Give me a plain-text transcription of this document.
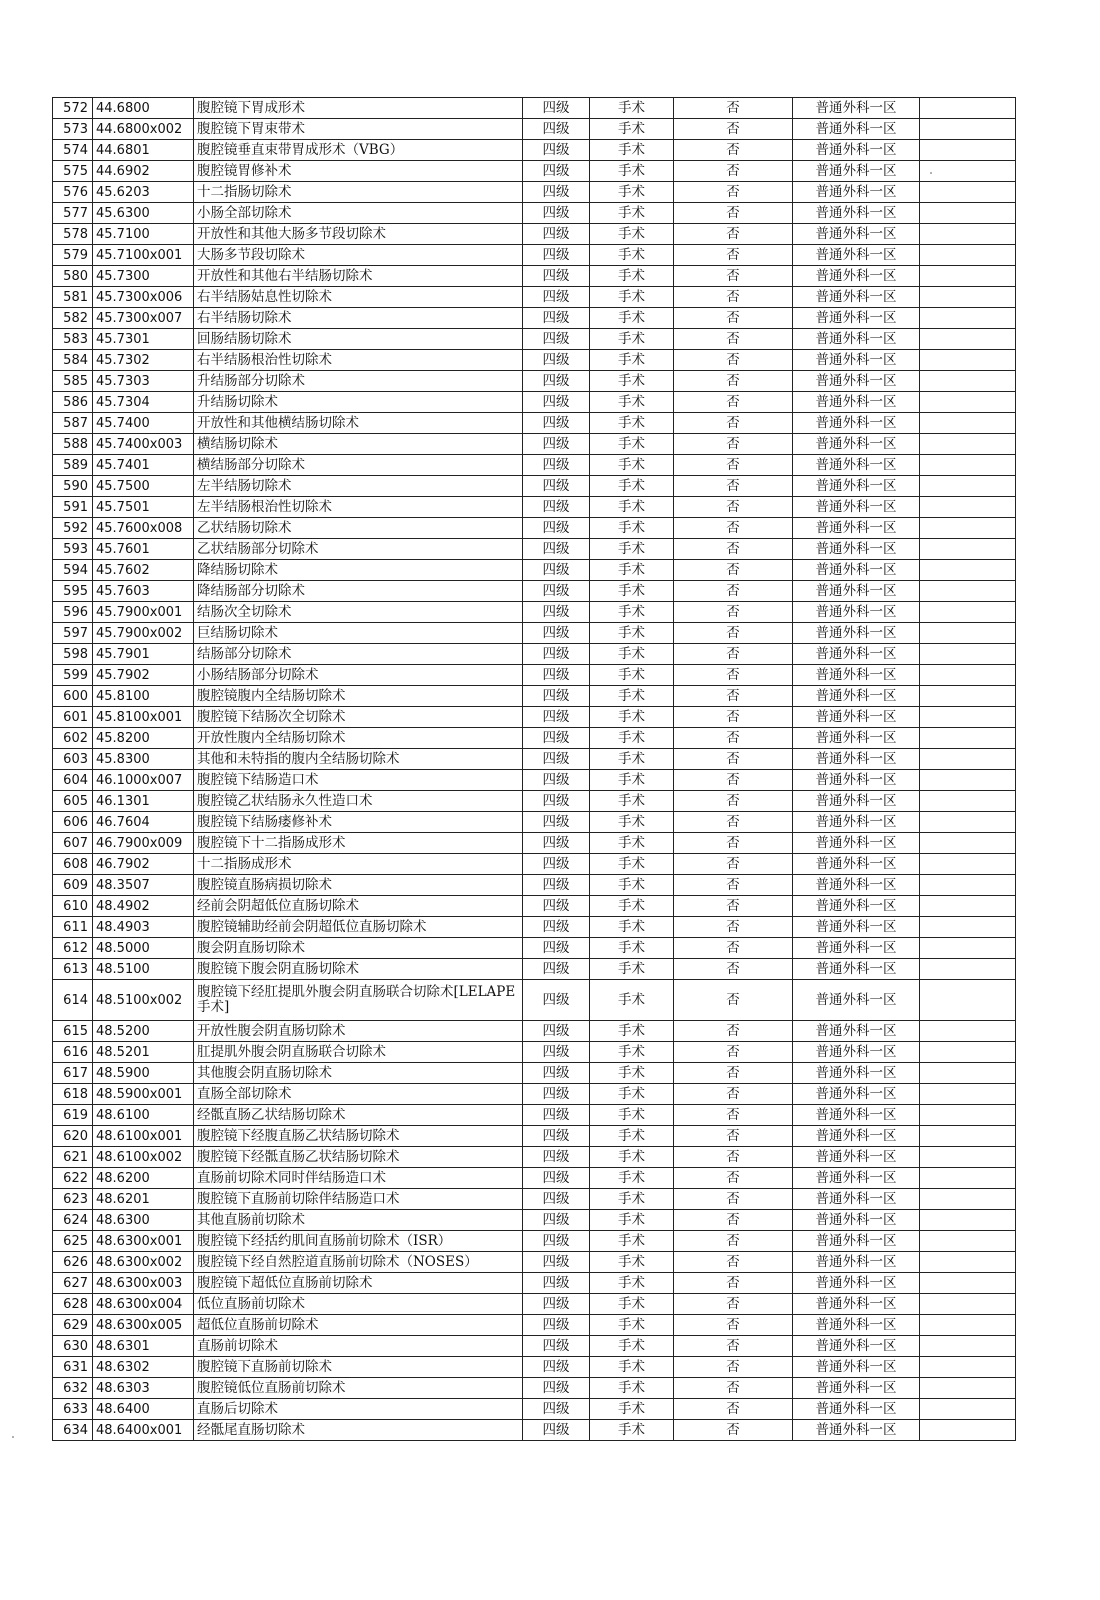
572	44.6800	腹腔镜下胃成形术	四级	手术	否	普通外科一区	
573	44.6800x002	腹腔镜下胃束带术	四级	手术	否	普通外科一区	
574	44.6801	腹腔镜垂直束带胃成形术（VBG）	四级	手术	否	普通外科一区	
575	44.6902	腹腔镜胃修补术	四级	手术	否	普通外科一区	
576	45.6203	十二指肠切除术	四级	手术	否	普通外科一区	
577	45.6300	小肠全部切除术	四级	手术	否	普通外科一区	
578	45.7100	开放性和其他大肠多节段切除术	四级	手术	否	普通外科一区	
579	45.7100x001	大肠多节段切除术	四级	手术	否	普通外科一区	
580	45.7300	开放性和其他右半结肠切除术	四级	手术	否	普通外科一区	
581	45.7300x006	右半结肠姑息性切除术	四级	手术	否	普通外科一区	
582	45.7300x007	右半结肠切除术	四级	手术	否	普通外科一区	
583	45.7301	回肠结肠切除术	四级	手术	否	普通外科一区	
584	45.7302	右半结肠根治性切除术	四级	手术	否	普通外科一区	
585	45.7303	升结肠部分切除术	四级	手术	否	普通外科一区	
586	45.7304	升结肠切除术	四级	手术	否	普通外科一区	
587	45.7400	开放性和其他横结肠切除术	四级	手术	否	普通外科一区	
588	45.7400x003	横结肠切除术	四级	手术	否	普通外科一区	
589	45.7401	横结肠部分切除术	四级	手术	否	普通外科一区	
590	45.7500	左半结肠切除术	四级	手术	否	普通外科一区	
591	45.7501	左半结肠根治性切除术	四级	手术	否	普通外科一区	
592	45.7600x008	乙状结肠切除术	四级	手术	否	普通外科一区	
593	45.7601	乙状结肠部分切除术	四级	手术	否	普通外科一区	
594	45.7602	降结肠切除术	四级	手术	否	普通外科一区	
595	45.7603	降结肠部分切除术	四级	手术	否	普通外科一区	
596	45.7900x001	结肠次全切除术	四级	手术	否	普通外科一区	
597	45.7900x002	巨结肠切除术	四级	手术	否	普通外科一区	
598	45.7901	结肠部分切除术	四级	手术	否	普通外科一区	
599	45.7902	小肠结肠部分切除术	四级	手术	否	普通外科一区	
600	45.8100	腹腔镜腹内全结肠切除术	四级	手术	否	普通外科一区	
601	45.8100x001	腹腔镜下结肠次全切除术	四级	手术	否	普通外科一区	
602	45.8200	开放性腹内全结肠切除术	四级	手术	否	普通外科一区	
603	45.8300	其他和未特指的腹内全结肠切除术	四级	手术	否	普通外科一区	
604	46.1000x007	腹腔镜下结肠造口术	四级	手术	否	普通外科一区	
605	46.1301	腹腔镜乙状结肠永久性造口术	四级	手术	否	普通外科一区	
606	46.7604	腹腔镜下结肠瘘修补术	四级	手术	否	普通外科一区	
607	46.7900x009	腹腔镜下十二指肠成形术	四级	手术	否	普通外科一区	
608	46.7902	十二指肠成形术	四级	手术	否	普通外科一区	
609	48.3507	腹腔镜直肠病损切除术	四级	手术	否	普通外科一区	
610	48.4902	经前会阴超低位直肠切除术	四级	手术	否	普通外科一区	
611	48.4903	腹腔镜辅助经前会阴超低位直肠切除术	四级	手术	否	普通外科一区	
612	48.5000	腹会阴直肠切除术	四级	手术	否	普通外科一区	
613	48.5100	腹腔镜下腹会阴直肠切除术	四级	手术	否	普通外科一区	
614	48.5100x002	腹腔镜下经肛提肌外腹会阴直肠联合切除术[LELAPE手术]	四级	手术	否	普通外科一区	
615	48.5200	开放性腹会阴直肠切除术	四级	手术	否	普通外科一区	
616	48.5201	肛提肌外腹会阴直肠联合切除术	四级	手术	否	普通外科一区	
617	48.5900	其他腹会阴直肠切除术	四级	手术	否	普通外科一区	
618	48.5900x001	直肠全部切除术	四级	手术	否	普通外科一区	
619	48.6100	经骶直肠乙状结肠切除术	四级	手术	否	普通外科一区	
620	48.6100x001	腹腔镜下经腹直肠乙状结肠切除术	四级	手术	否	普通外科一区	
621	48.6100x002	腹腔镜下经骶直肠乙状结肠切除术	四级	手术	否	普通外科一区	
622	48.6200	直肠前切除术同时伴结肠造口术	四级	手术	否	普通外科一区	
623	48.6201	腹腔镜下直肠前切除伴结肠造口术	四级	手术	否	普通外科一区	
624	48.6300	其他直肠前切除术	四级	手术	否	普通外科一区	
625	48.6300x001	腹腔镜下经括约肌间直肠前切除术（ISR）	四级	手术	否	普通外科一区	
626	48.6300x002	腹腔镜下经自然腔道直肠前切除术（NOSES）	四级	手术	否	普通外科一区	
627	48.6300x003	腹腔镜下超低位直肠前切除术	四级	手术	否	普通外科一区	
628	48.6300x004	低位直肠前切除术	四级	手术	否	普通外科一区	
629	48.6300x005	超低位直肠前切除术	四级	手术	否	普通外科一区	
630	48.6301	直肠前切除术	四级	手术	否	普通外科一区	
631	48.6302	腹腔镜下直肠前切除术	四级	手术	否	普通外科一区	
632	48.6303	腹腔镜低位直肠前切除术	四级	手术	否	普通外科一区	
633	48.6400	直肠后切除术	四级	手术	否	普通外科一区	
634	48.6400x001	经骶尾直肠切除术	四级	手术	否	普通外科一区	
